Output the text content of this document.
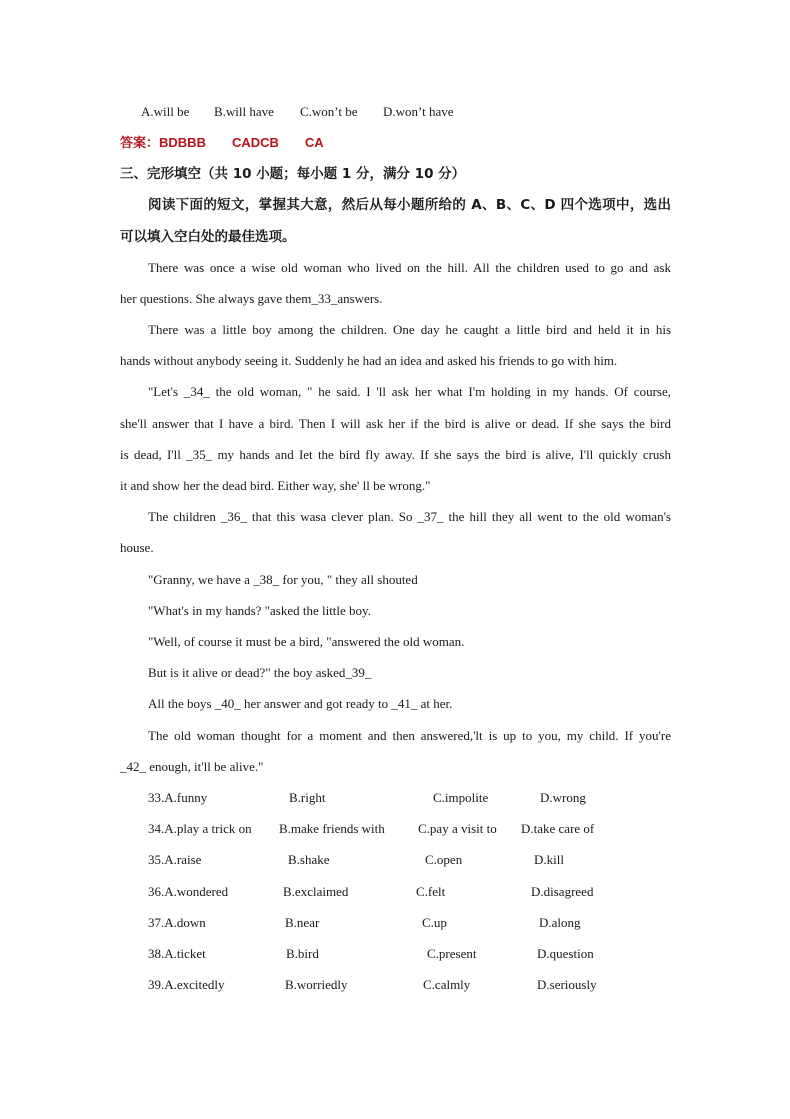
A.will be B.will have C.won’t be D.won’t have
答案：BDBBB CADCB CA
三、完形填空（共 10 小题；每小题 1 分，满分 10 分）
阅读下面的短文，掌握其大意，然后从每小题所给的 A、B、C、D 四个选项中，选出
可以填入空白处的最佳选项。
There was once a wise old woman who lived on the hill. All the children used to go and ask
her questions. She always gave them_33_answers.
There was a little boy among the children. One day he caught a little bird and held it in his
hands without anybody seeing it. Suddenly he had an idea and asked his friends to go with him.
"Let's _34_ the old woman, " he said. I 'll ask her what I'm holding in my hands. Of course,
she'll answer that I have a bird. Then I will ask her if the bird is alive or dead. If she says the bird
is dead, I'll _35_ my hands and Iet the bird fly away. If she says the bird is alive, I'll quickly crush
it and show her the dead bird. Either way, she' ll be wrong."
The children _36_ that this wasa clever plan. So _37_ the hill they all went to the old woman's
house.
"Granny, we have a _38_ for you, " they all shouted
"What's in my hands? "asked the little boy.
"Well, of course it must be a bird, "answered the old woman.
But is it alive or dead?" the boy asked_39_
All the boys _40_ her answer and got ready to _41_ at her.
The old woman thought for a moment and then answered,'lt is up to you, my child. If you're
_42_ enough, it'll be alive."
33.A.funny	B.right	C.impolite	D.wrong
34.A.play a trick on B.make friends with	C.pay a visit to D.take care of
35.A.raise	B.shake	C.open	D.kill
36.A.wondered	B.exclaimed	C.felt	D.disagreed
37.A.down	B.near	C.up	D.along
38.A.ticket	B.bird	C.present	D.question
39.A.excitedly	B.worriedly	C.calmly	D.seriously
